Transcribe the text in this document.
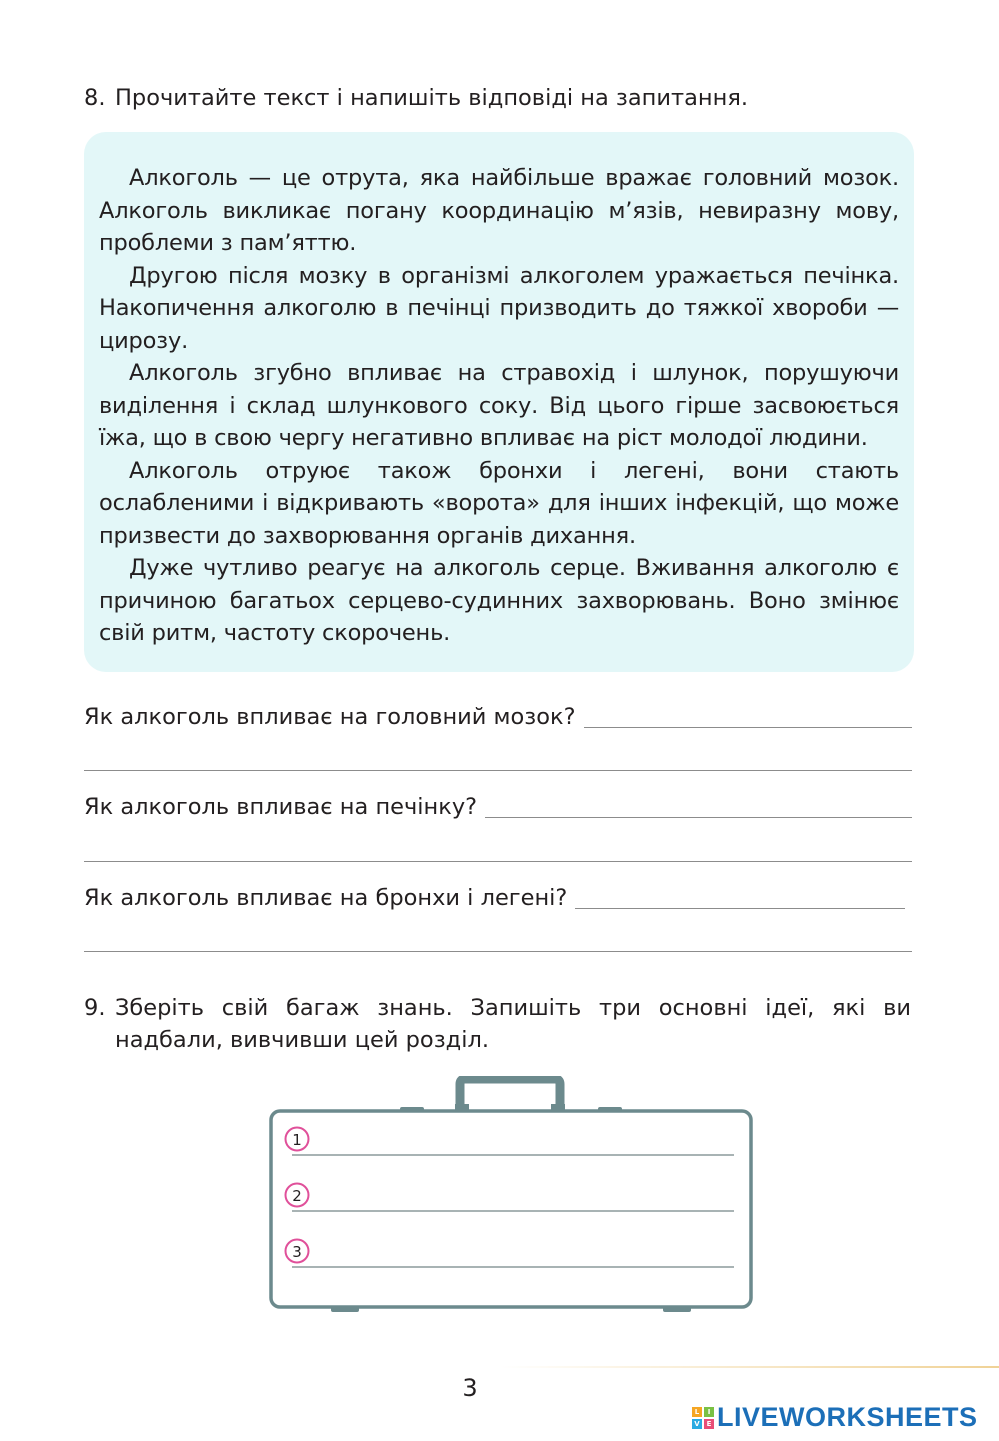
8. Прочитайте текст і напишіть відповіді на запитання.

Алкоголь — це отрута, яка найбільше вражає головний мозок. Алкоголь викликає погану координацію м’язів, невиразну мову, проблеми з пам’яттю.

Другою після мозку в організмі алкоголем уражається печінка. Накопичення алкоголю в печінці призводить до тяжкої хвороби —цирозу.

Алкоголь згубно впливає на стравохід і шлунок, порушуючи виділення і склад шлункового соку. Від цього гірше засвоюється їжа, що в свою чергу негативно впливає на ріст молодої людини.

Алкоголь отруює також бронхи і легені, вони стають ослабленими і відкривають «ворота» для інших інфекцій, що може призвести до захворювання органів дихання.

Дуже чутливо реагує на алкоголь серце. Вживання алкоголю є причиною багатьох серцево-судинних захворювань. Воно змінює свій ритм, частоту скорочень.

Як алкоголь впливає на головний мозок?
Як алкоголь впливає на печінку?
Як алкоголь впливає на бронхи і легені?
9. Зберіть свій багаж знань. Запишіть три основні ідеї, які ви надбали, вивчивши цей розділ.
1
2
3
3
L	I
V E LIVEWORKSHEETS
